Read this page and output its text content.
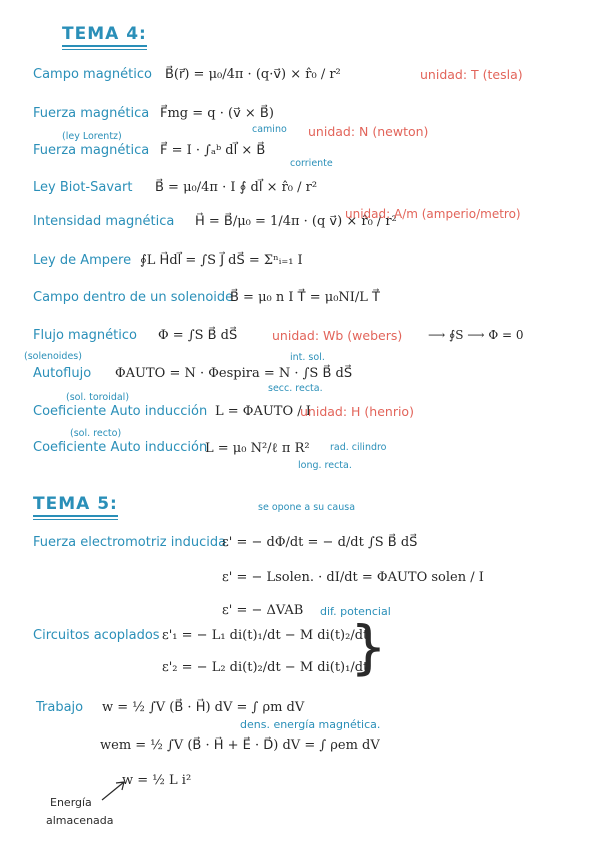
TEMA 4:
Campo magnético B⃗(r⃗) = μ₀/4π · (q·v⃗) × r̂₀ / r²	unidad: T (tesla)
Fuerza magnética F⃗mg = q · (v⃗ × B⃗)
(ley Lorentz)
camino
Fuerza magnética F⃗ = I · ∫ₐᵇ dl⃗ × B⃗
unidad: N (newton)
corriente
Ley Biot-Savart B⃗ = μ₀/4π · I ∮ dl⃗ × r̂₀ / r²
Intensidad magnética H⃗ = B⃗/μ₀ = 1/4π · (q v⃗) × r̂₀ / r²
unidad: A/m (amperio/metro)
Ley de Ampere ∮L H⃗dl⃗ = ∫S J⃗ dS⃗ = Σⁿᵢ₌₁ I
Campo dentro de un solenoide
B⃗ = μ₀ n I T⃗ = μ₀NI/L T⃗
Flujo magnético Φ = ∫S B⃗ dS⃗	unidad: Wb (webers) ⟶ ∮S ⟶ Φ = 0
(solenoides)	int. sol.
Autoflujo ΦAUTO = N · Φespira = N · ∫S B⃗ dS⃗
secc. recta.
(sol. toroidal)
Coeficiente Auto inducción L = ΦAUTO / I
unidad: H (henrio)
(sol. recto)
Coeficiente Auto inducción
L = μ₀ N²/ℓ π R² rad. cilindro
long. recta.
TEMA 5:	se opone a su causa
Fuerza electromotriz inducida
ε' = − dΦ/dt = − d/dt ∫S B⃗ dS⃗
ε' = − Lsolen. · dI/dt = ΦAUTO solen / I
ε' = − ΔVAB dif. potencial
Circuitos acoplados ε'₁ = − L₁ di(t)₁/dt − M di(t)₂/dt
ε'₂ = − L₂ di(t)₂/dt − M di(t)₁/dt
}
Trabajo w = ½ ∫V (B⃗ · H⃗) dV = ∫ ρm dV
dens. energía magnética.
wem = ½ ∫V (B⃗ · H⃗ + E⃗ · D⃗) dV = ∫ ρem dV
w = ½ L i²
Energía
almacenada
